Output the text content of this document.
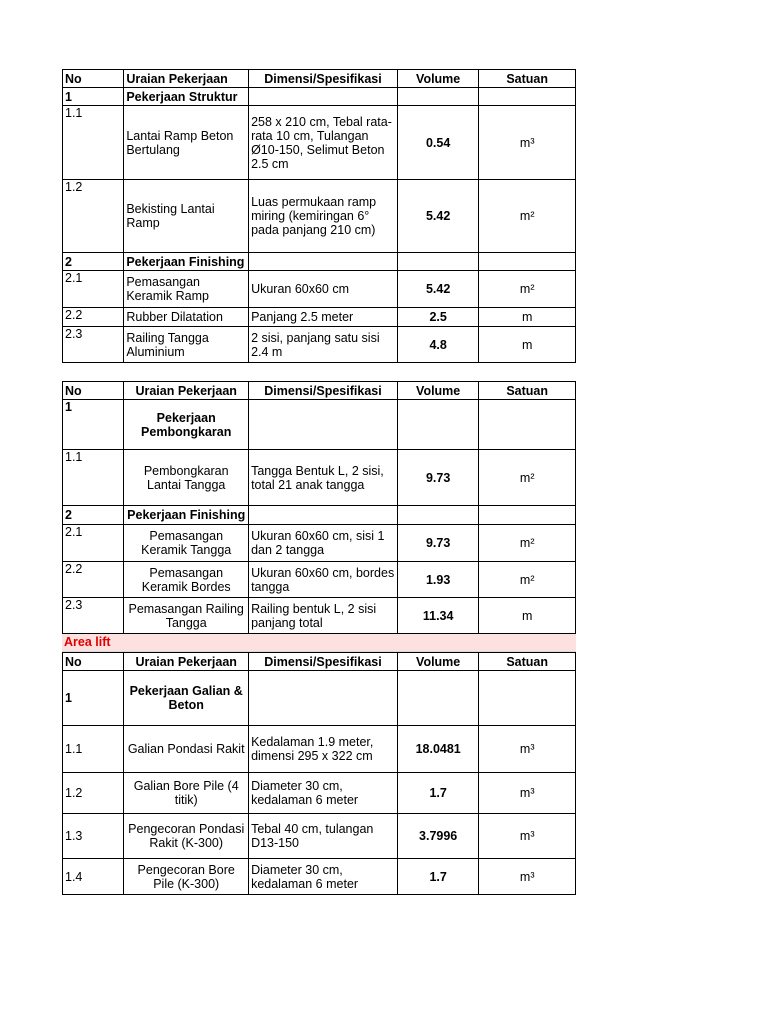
No	Uraian Pekerjaan	Dimensi/Spesifikasi	Volume	Satuan
1	Pekerjaan Struktur			
1.1	Lantai Ramp Beton Bertulang	258 x 210 cm, Tebal rata-rata 10 cm, Tulangan Ø10-150, Selimut Beton 2.5 cm	0.54	m³
1.2	Bekisting Lantai Ramp	Luas permukaan ramp miring (kemiringan 6° pada panjang 210 cm)	5.42	m²
2	Pekerjaan Finishing			
2.1	Pemasangan Keramik Ramp	Ukuran 60x60 cm	5.42	m²
2.2	Rubber Dilatation	Panjang 2.5 meter	2.5	m
2.3	Railing Tangga Aluminium	2 sisi, panjang satu sisi 2.4 m	4.8	m
No	Uraian Pekerjaan	Dimensi/Spesifikasi	Volume	Satuan
1	Pekerjaan Pembongkaran			
1.1	Pembongkaran Lantai Tangga	Tangga Bentuk L, 2 sisi, total 21 anak tangga	9.73	m²
2	Pekerjaan Finishing			
2.1	Pemasangan Keramik Tangga	Ukuran 60x60 cm, sisi 1 dan 2 tangga	9.73	m²
2.2	Pemasangan Keramik Bordes	Ukuran 60x60 cm, bordes tangga	1.93	m²
2.3	Pemasangan Railing Tangga	Railing bentuk L, 2 sisi panjang total	11.34	m
Area lift
No	Uraian Pekerjaan	Dimensi/Spesifikasi	Volume	Satuan
1	Pekerjaan Galian & Beton			
1.1	Galian Pondasi Rakit	Kedalaman 1.9 meter, dimensi 295 x 322 cm	18.0481	m³
1.2	Galian Bore Pile (4 titik)	Diameter 30 cm, kedalaman 6 meter	1.7	m³
1.3	Pengecoran Pondasi Rakit (K-300)	Tebal 40 cm, tulangan D13-150	3.7996	m³
1.4	Pengecoran Bore Pile (K-300)	Diameter 30 cm, kedalaman 6 meter	1.7	m³
